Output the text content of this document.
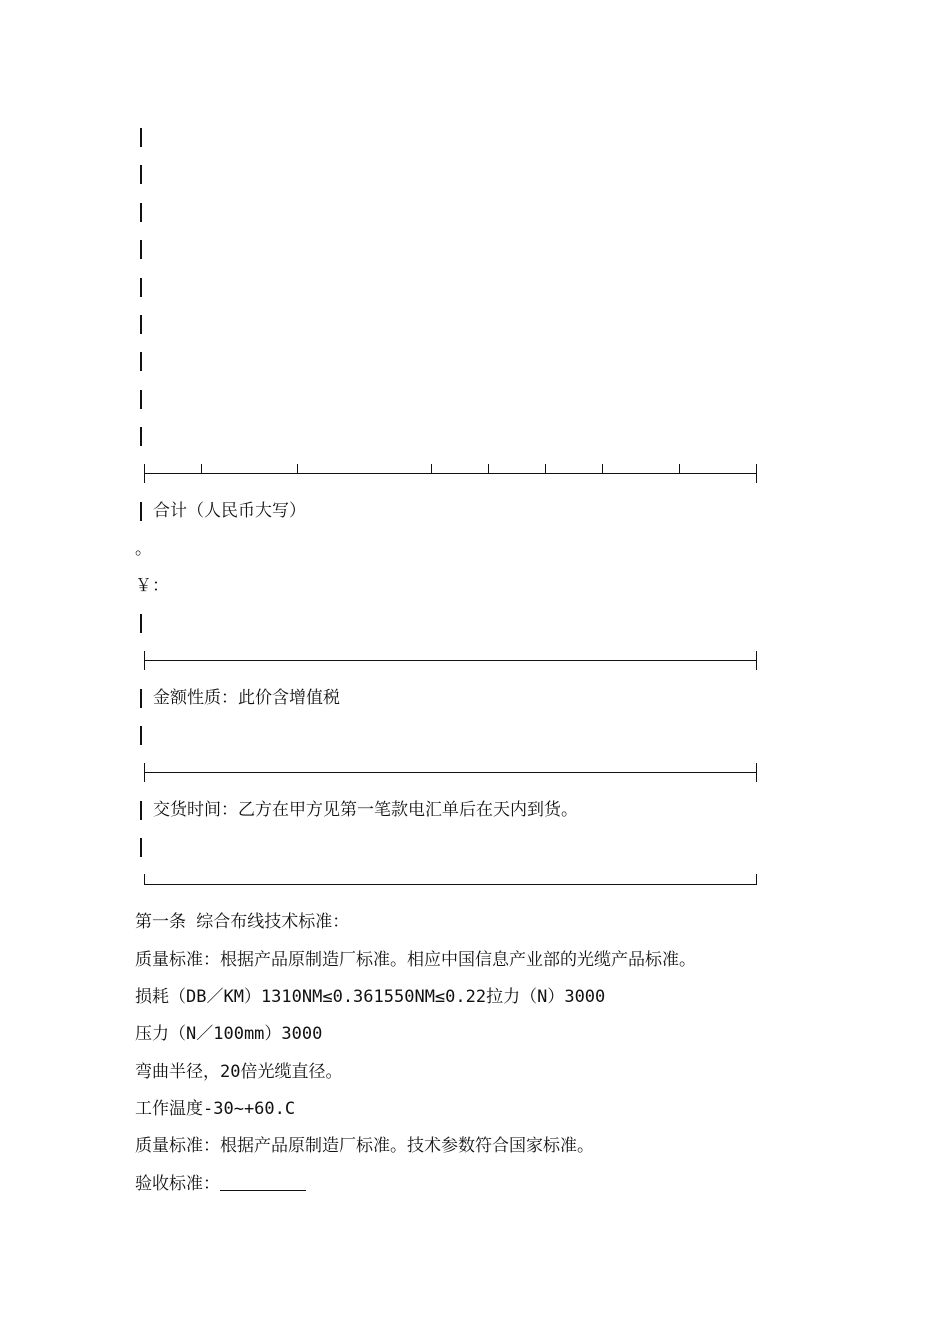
合计（人民币大写）
。
￥：
金额性质：此价含增值税
交货时间：乙方在甲方见第一笔款电汇单后在天内到货。
第一条 综合布线技术标准：
质量标准：根据产品原制造厂标准。相应中国信息产业部的光缆产品标准。
损耗（DB／KM）1310NM≤0.361550NM≤0.22拉力（N）3000
压力（N／100mm）3000
弯曲半径，20倍光缆直径。
工作温度-30~+60.C
质量标准：根据产品原制造厂标准。技术参数符合国家标准。
验收标准：
